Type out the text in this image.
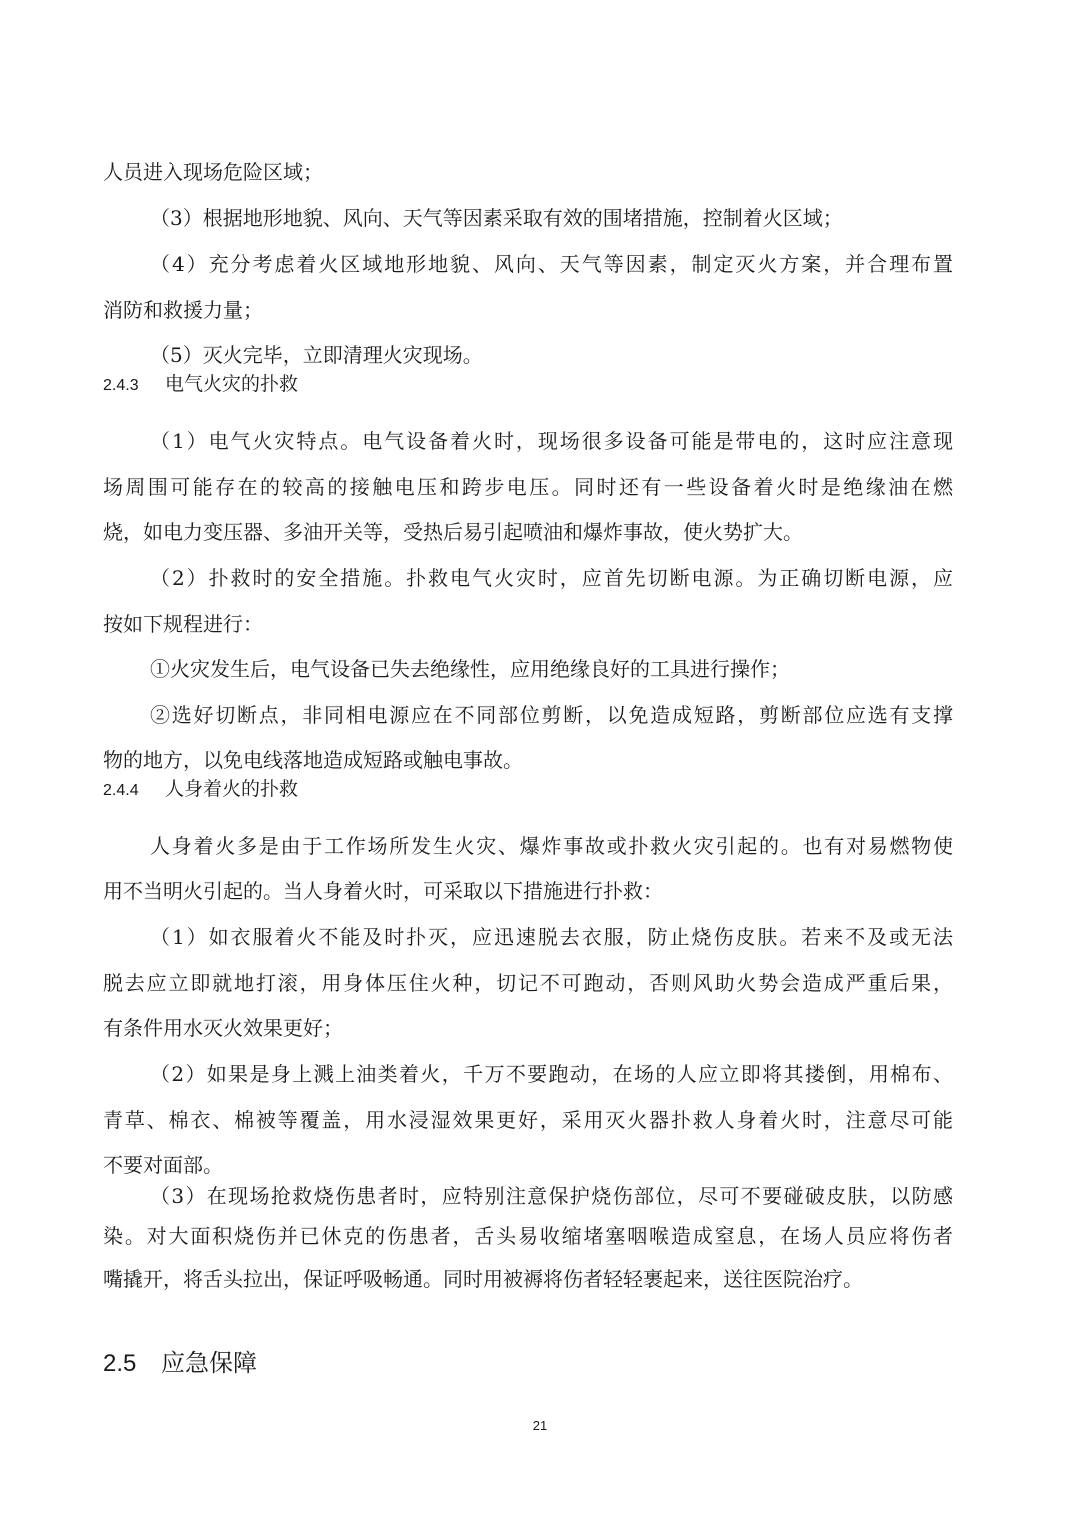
人员进入现场危险区域；
（3）根据地形地貌、风向、天气等因素采取有效的围堵措施，控制着火区域；
（4）充分考虑着火区域地形地貌、风向、天气等因素，制定灭火方案，并合理布置
消防和救援力量；
（5）灭火完毕，立即清理火灾现场。
2.4.3 电气火灾的扑救
（1）电气火灾特点。电气设备着火时，现场很多设备可能是带电的，这时应注意现
场周围可能存在的较高的接触电压和跨步电压。同时还有一些设备着火时是绝缘油在燃
烧，如电力变压器、多油开关等，受热后易引起喷油和爆炸事故，使火势扩大。
（2）扑救时的安全措施。扑救电气火灾时，应首先切断电源。为正确切断电源，应
按如下规程进行：
①火灾发生后，电气设备已失去绝缘性，应用绝缘良好的工具进行操作；
②选好切断点，非同相电源应在不同部位剪断，以免造成短路，剪断部位应选有支撑
物的地方，以免电线落地造成短路或触电事故。
2.4.4 人身着火的扑救
人身着火多是由于工作场所发生火灾、爆炸事故或扑救火灾引起的。也有对易燃物使
用不当明火引起的。当人身着火时，可采取以下措施进行扑救：
（1）如衣服着火不能及时扑灭，应迅速脱去衣服，防止烧伤皮肤。若来不及或无法
脱去应立即就地打滚，用身体压住火种，切记不可跑动，否则风助火势会造成严重后果，
有条件用水灭火效果更好；
（2）如果是身上溅上油类着火，千万不要跑动，在场的人应立即将其搂倒，用棉布、
青草、棉衣、棉被等覆盖，用水浸湿效果更好，采用灭火器扑救人身着火时，注意尽可能
不要对面部。
（3）在现场抢救烧伤患者时，应特别注意保护烧伤部位，尽可不要碰破皮肤，以防感
染。对大面积烧伤并已休克的伤患者，舌头易收缩堵塞咽喉造成窒息，在场人员应将伤者
嘴撬开，将舌头拉出，保证呼吸畅通。同时用被褥将伤者轻轻裹起来，送往医院治疗。
2.5 应急保障
21
